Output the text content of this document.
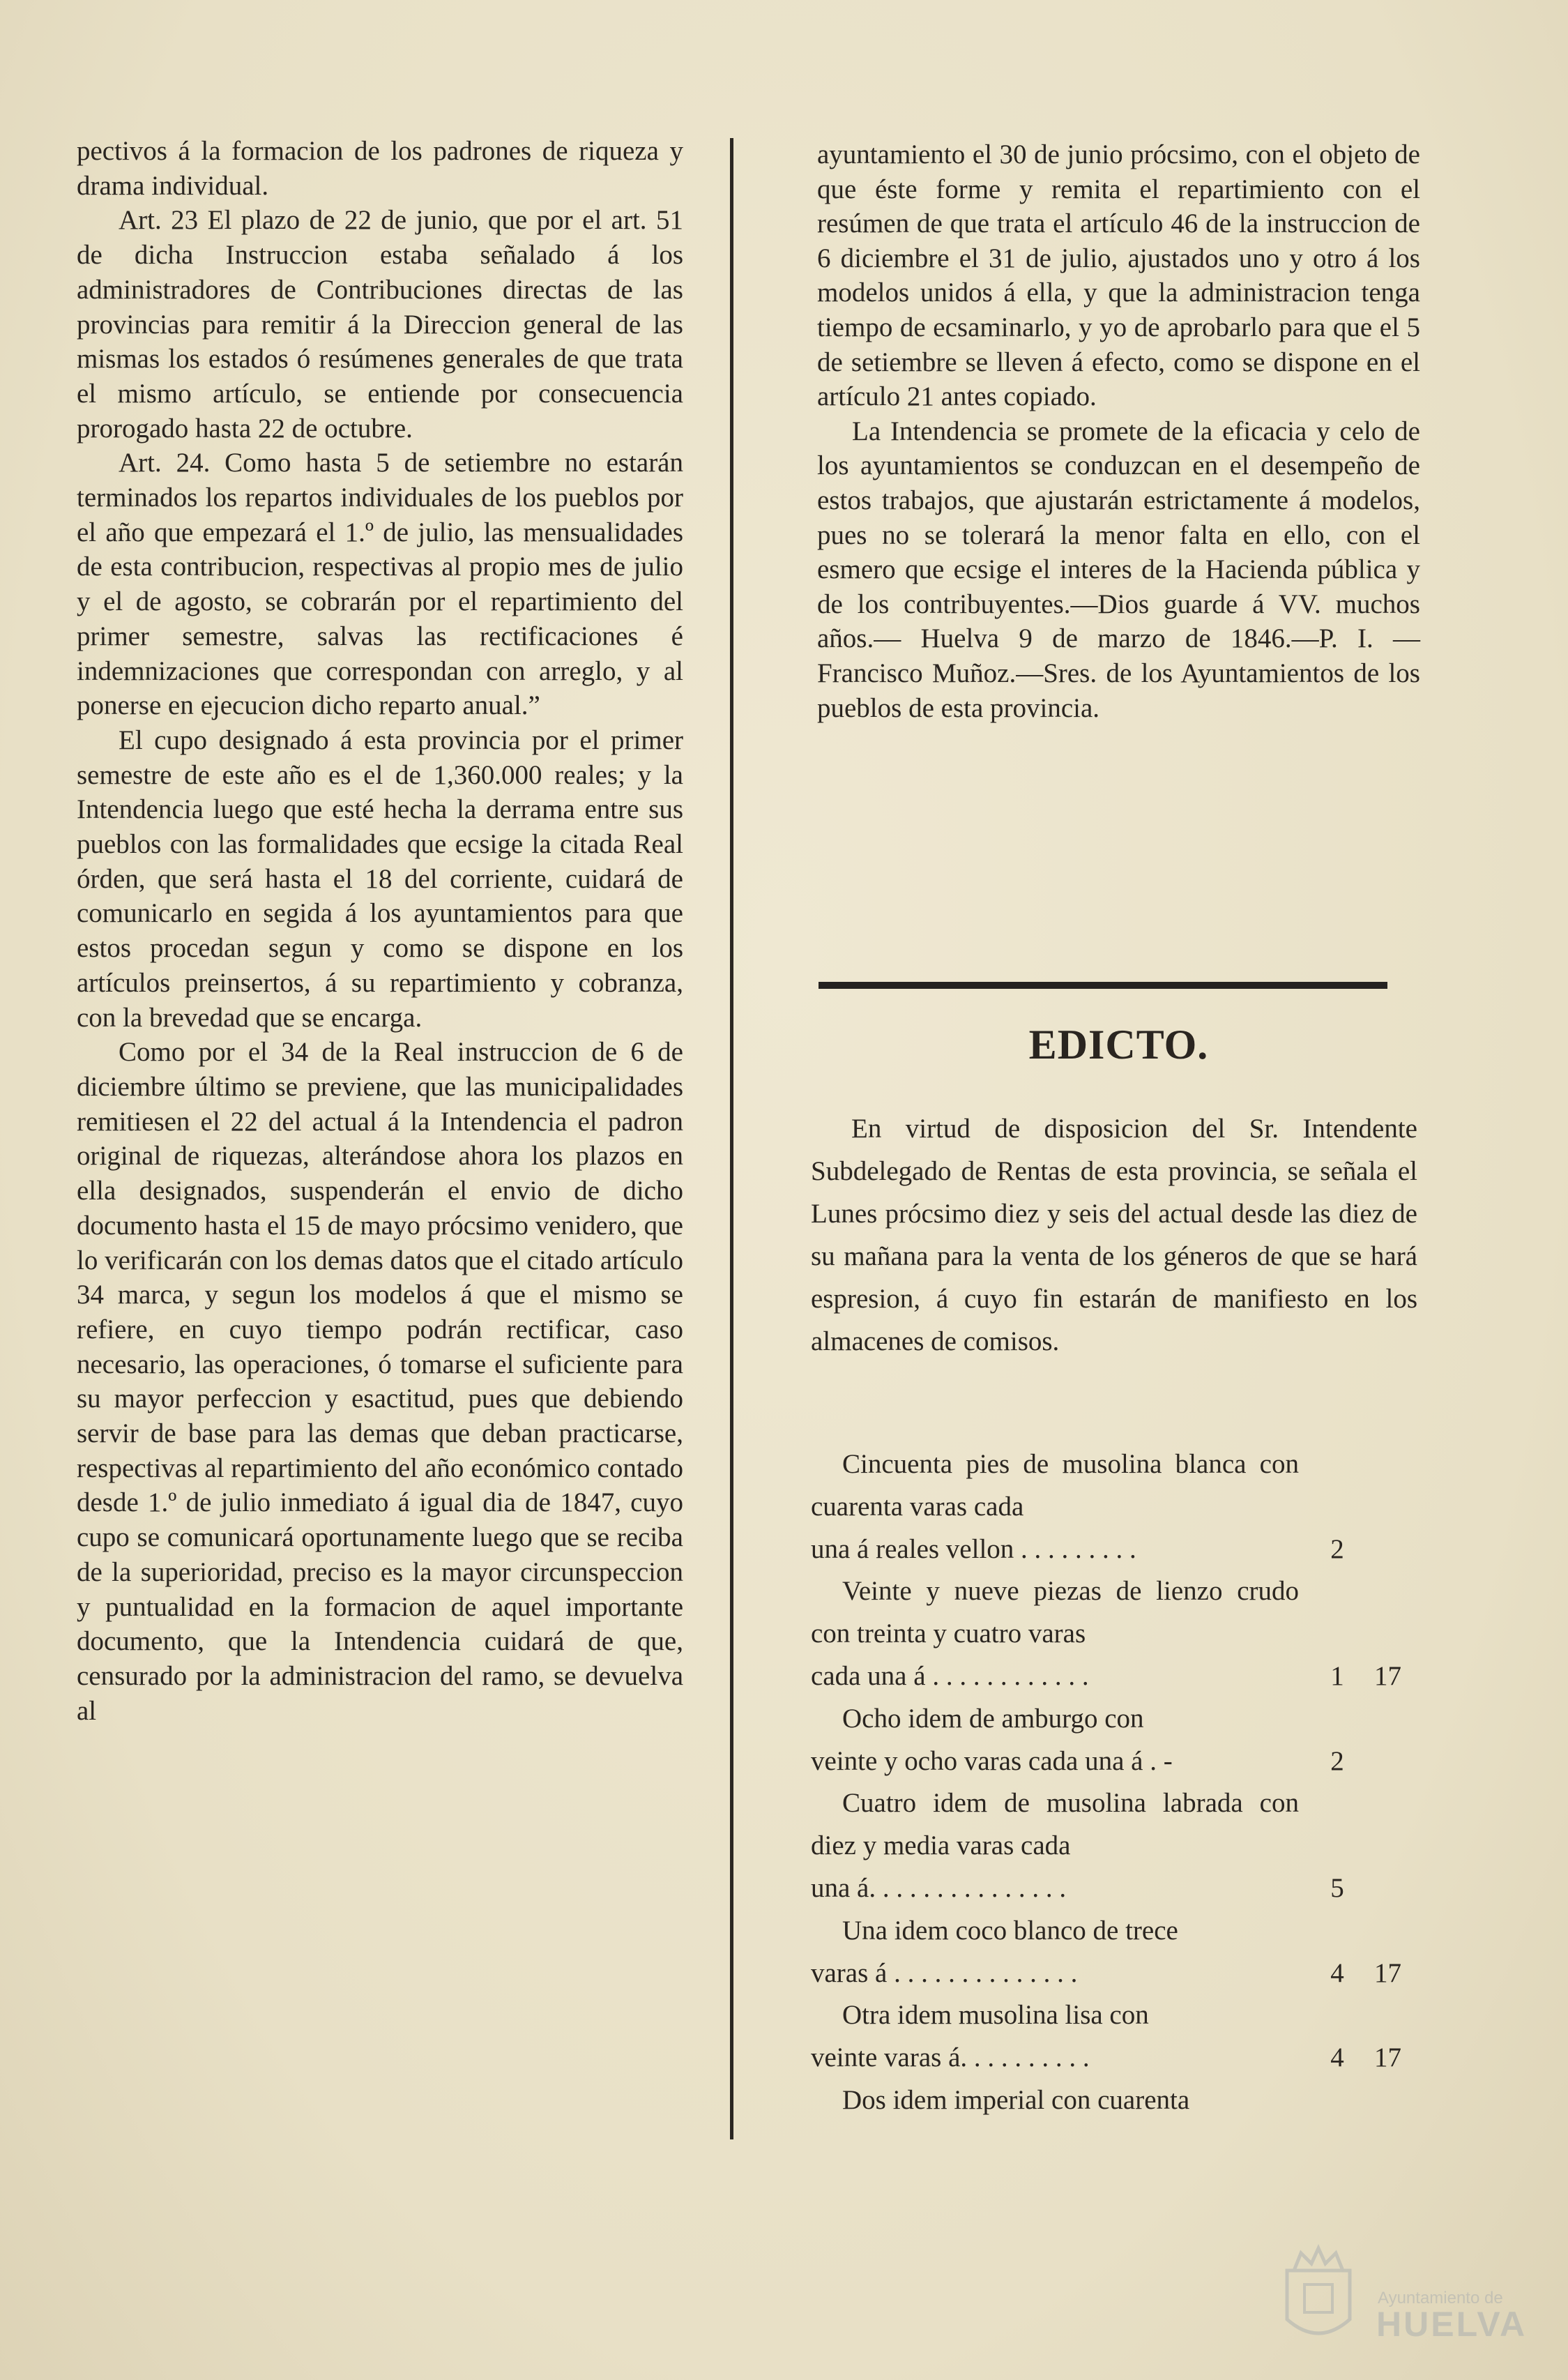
pectivos á la formacion de los padrones de riqueza y drama individual.

Art. 23 El plazo de 22 de junio, que por el art. 51 de dicha Instruccion estaba señalado á los administradores de Contribuciones directas de las provincias para remitir á la Direccion general de las mismas los estados ó resúmenes generales de que trata el mismo artículo, se entiende por consecuencia prorogado hasta 22 de octubre.

Art. 24. Como hasta 5 de setiembre no estarán terminados los repartos individuales de los pueblos por el año que empezará el 1.º de julio, las mensualidades de esta contribucion, respectivas al propio mes de julio y el de agosto, se cobrarán por el repartimiento del primer semestre, salvas las rectificaciones é indemnizaciones que correspondan con arreglo, y al ponerse en ejecucion dicho reparto anual.”

El cupo designado á esta provincia por el primer semestre de este año es el de 1,360.000 reales; y la Intendencia luego que esté hecha la derrama entre sus pueblos con las formalidades que ecsige la citada Real órden, que será hasta el 18 del corriente, cuidará de comunicarlo en segida á los ayuntamientos para que estos procedan segun y como se dispone en los artículos preinsertos, á su repartimiento y cobranza, con la brevedad que se encarga.

Como por el 34 de la Real instruccion de 6 de diciembre último se previene, que las municipalidades remitiesen el 22 del actual á la Intendencia el padron original de riquezas, alterándose ahora los plazos en ella designados, suspenderán el envio de dicho documento hasta el 15 de mayo prócsimo venidero, que lo verificarán con los demas datos que el citado artículo 34 marca, y segun los modelos á que el mismo se refiere, en cuyo tiempo podrán rectificar, caso necesario, las operaciones, ó tomarse el suficiente para su mayor perfeccion y esactitud, pues que debiendo servir de base para las demas que deban practicarse, respectivas al repartimiento del año económico contado desde 1.º de julio inmediato á igual dia de 1847, cuyo cupo se comunicará oportunamente luego que se reciba de la superioridad, preciso es la mayor circunspeccion y puntualidad en la formacion de aquel importante documento, que la Intendencia cuidará de que, censurado por la administracion del ramo, se devuelva al

ayuntamiento el 30 de junio prócsimo, con el objeto de que éste forme y remita el repartimiento con el resúmen de que trata el artículo 46 de la instruccion de 6 diciembre el 31 de julio, ajustados uno y otro á los modelos unidos á ella, y que la administracion tenga tiempo de ecsaminarlo, y yo de aprobarlo para que el 5 de setiembre se lleven á efecto, como se dispone en el artículo 21 antes copiado.

La Intendencia se promete de la eficacia y celo de los ayuntamientos se conduzcan en el desempeño de estos trabajos, que ajustarán estrictamente á modelos, pues no se tolerará la menor falta en ello, con el esmero que ecsige el interes de la Hacienda pública y de los contribuyentes.—Dios guarde á VV. muchos años.— Huelva 9 de marzo de 1846.—P. I. —Francisco Muñoz.—Sres. de los Ayuntamientos de los pueblos de esta provincia.

EDICTO.

En virtud de disposicion del Sr. Intendente Subdelegado de Rentas de esta provincia, se señala el Lunes prócsimo diez y seis del actual desde las diez de su mañana para la venta de los géneros de que se hará espresion, á cuyo fin estarán de manifiesto en los almacenes de comisos.

Cincuenta pies de musolina blanca con cuarenta varas cada
una á reales vellon . . . . . . . . .	2
Veinte y nueve piezas de lienzo crudo con treinta y cuatro varas
cada una á . . . . . . . . . . . .	1 17
Ocho idem de amburgo con
veinte y ocho varas cada una á . -	2
Cuatro idem de musolina labrada con diez y media varas cada
una á. . . . . . . . . . . . . . .	5
Una idem coco blanco de trece
varas á . . . . . . . . . . . . . .	4 17
Otra idem musolina lisa con
veinte varas á. . . . . . . . . .	4 17
Dos idem imperial con cuarenta
Ayuntamiento de
HUELVA
